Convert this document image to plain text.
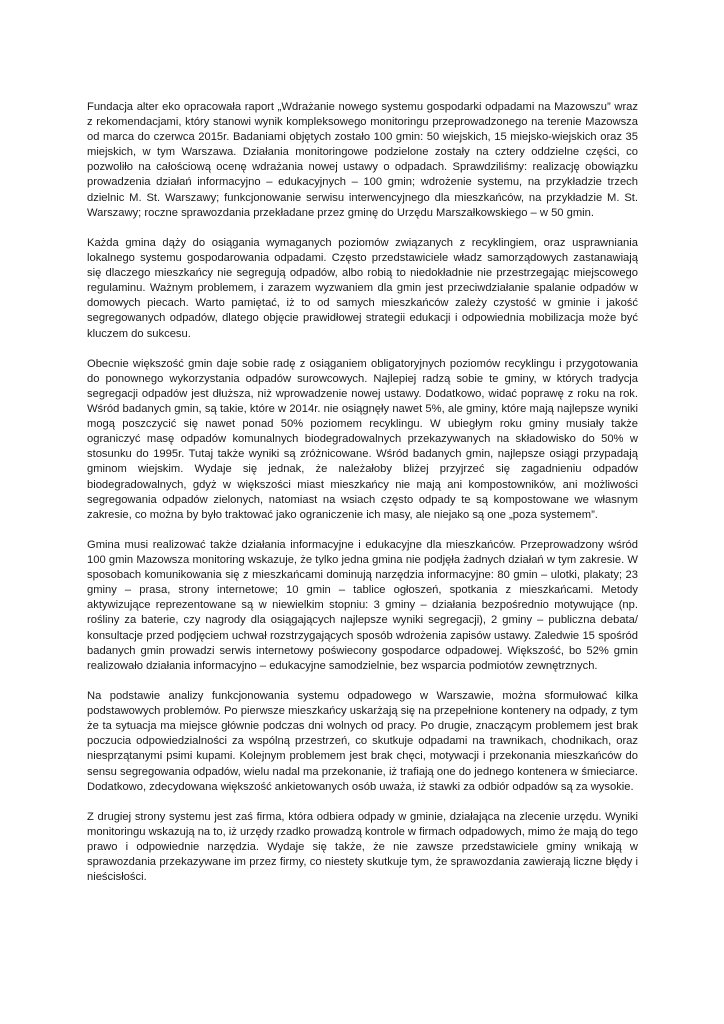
Fundacja alter eko opracowała raport „Wdrażanie nowego systemu gospodarki odpadami na Mazowszu” wraz z rekomendacjami, który stanowi wynik kompleksowego monitoringu przeprowadzonego na terenie Mazowsza od marca do czerwca 2015r. Badaniami objętych zostało 100 gmin: 50 wiejskich, 15 miejsko-wiejskich oraz 35 miejskich, w tym Warszawa. Działania monitoringowe podzielone zostały na cztery oddzielne części, co pozwoliło na całościową ocenę wdrażania nowej ustawy o odpadach. Sprawdziliśmy: realizację obowiązku prowadzenia działań informacyjno – edukacyjnych – 100 gmin; wdrożenie systemu, na przykładzie trzech dzielnic M. St. Warszawy; funkcjonowanie serwisu interwencyjnego dla mieszkańców, na przykładzie M. St. Warszawy; roczne sprawozdania przekładane przez gminę do Urzędu Marszałkowskiego – w 50 gmin.

Każda gmina dąży do osiągania wymaganych poziomów związanych z recyklingiem, oraz usprawniania lokalnego systemu gospodarowania odpadami. Często przedstawiciele władz samorządowych zastanawiają się dlaczego mieszkańcy nie segregują odpadów, albo robią to niedokładnie nie przestrzegając miejscowego regulaminu. Ważnym problemem, i zarazem wyzwaniem dla gmin jest przeciwdziałanie spalanie odpadów w domowych piecach. Warto pamiętać, iż to od samych mieszkańców zależy czystość w gminie i jakość segregowanych odpadów, dlatego objęcie prawidłowej strategii edukacji i odpowiednia mobilizacja może być kluczem do sukcesu.

Obecnie większość gmin daje sobie radę z osiąganiem obligatoryjnych poziomów recyklingu i przygotowania do ponownego wykorzystania odpadów surowcowych. Najlepiej radzą sobie te gminy, w których tradycja segregacji odpadów jest dłuższa, niż wprowadzenie nowej ustawy. Dodatkowo, widać poprawę z roku na rok. Wśród badanych gmin, są takie, które w 2014r. nie osiągnęły nawet 5%, ale gminy, które mają najlepsze wyniki mogą poszczycić się nawet ponad 50% poziomem recyklingu. W ubiegłym roku gminy musiały także ograniczyć masę odpadów komunalnych biodegradowalnych przekazywanych na składowisko do 50% w stosunku do 1995r. Tutaj także wyniki są zróżnicowane. Wśród badanych gmin, najlepsze osiągi przypadają gminom wiejskim. Wydaje się jednak, że należałoby bliżej przyjrzeć się zagadnieniu odpadów biodegradowalnych, gdyż w większości miast mieszkańcy nie mają ani kompostowników, ani możliwości segregowania odpadów zielonych, natomiast na wsiach często odpady te są kompostowane we własnym zakresie, co można by było traktować jako ograniczenie ich masy, ale niejako są one „poza systemem”.

Gmina musi realizować także działania informacyjne i edukacyjne dla mieszkańców. Przeprowadzony wśród 100 gmin Mazowsza monitoring wskazuje, że tylko jedna gmina nie podjęła żadnych działań w tym zakresie. W sposobach komunikowania się z mieszkańcami dominują narzędzia informacyjne: 80 gmin – ulotki, plakaty; 23 gminy – prasa, strony internetowe; 10 gmin – tablice ogłoszeń, spotkania z mieszkańcami. Metody aktywizujące reprezentowane są w niewielkim stopniu: 3 gminy – działania bezpośrednio motywujące (np. rośliny za baterie, czy nagrody dla osiągających najlepsze wyniki segregacji), 2 gminy – publiczna debata/ konsultacje przed podjęciem uchwał rozstrzygających sposób wdrożenia zapisów ustawy. Zaledwie 15 spośród badanych gmin prowadzi serwis internetowy poświecony gospodarce odpadowej. Większość, bo 52% gmin realizowało działania informacyjno – edukacyjne samodzielnie, bez wsparcia podmiotów zewnętrznych.

Na podstawie analizy funkcjonowania systemu odpadowego w Warszawie, można sformułować kilka podstawowych problemów. Po pierwsze mieszkańcy uskarżają się na przepełnione kontenery na odpady, z tym że ta sytuacja ma miejsce głównie podczas dni wolnych od pracy. Po drugie, znaczącym problemem jest brak poczucia odpowiedzialności za wspólną przestrzeń, co skutkuje odpadami na trawnikach, chodnikach, oraz niesprzątanymi psimi kupami. Kolejnym problemem jest brak chęci, motywacji i przekonania mieszkańców do sensu segregowania odpadów, wielu nadal ma przekonanie, iż trafiają one do jednego kontenera w śmieciarce. Dodatkowo, zdecydowana większość ankietowanych osób uważa, iż stawki za odbiór odpadów są za wysokie.

Z drugiej strony systemu jest zaś firma, która odbiera odpady w gminie, działająca na zlecenie urzędu. Wyniki monitoringu wskazują na to, iż urzędy rzadko prowadzą kontrole w firmach odpadowych, mimo że mają do tego prawo i odpowiednie narzędzia. Wydaje się także, że nie zawsze przedstawiciele gminy wnikają w sprawozdania przekazywane im przez firmy, co niestety skutkuje tym, że sprawozdania zawierają liczne błędy i nieścisłości.
